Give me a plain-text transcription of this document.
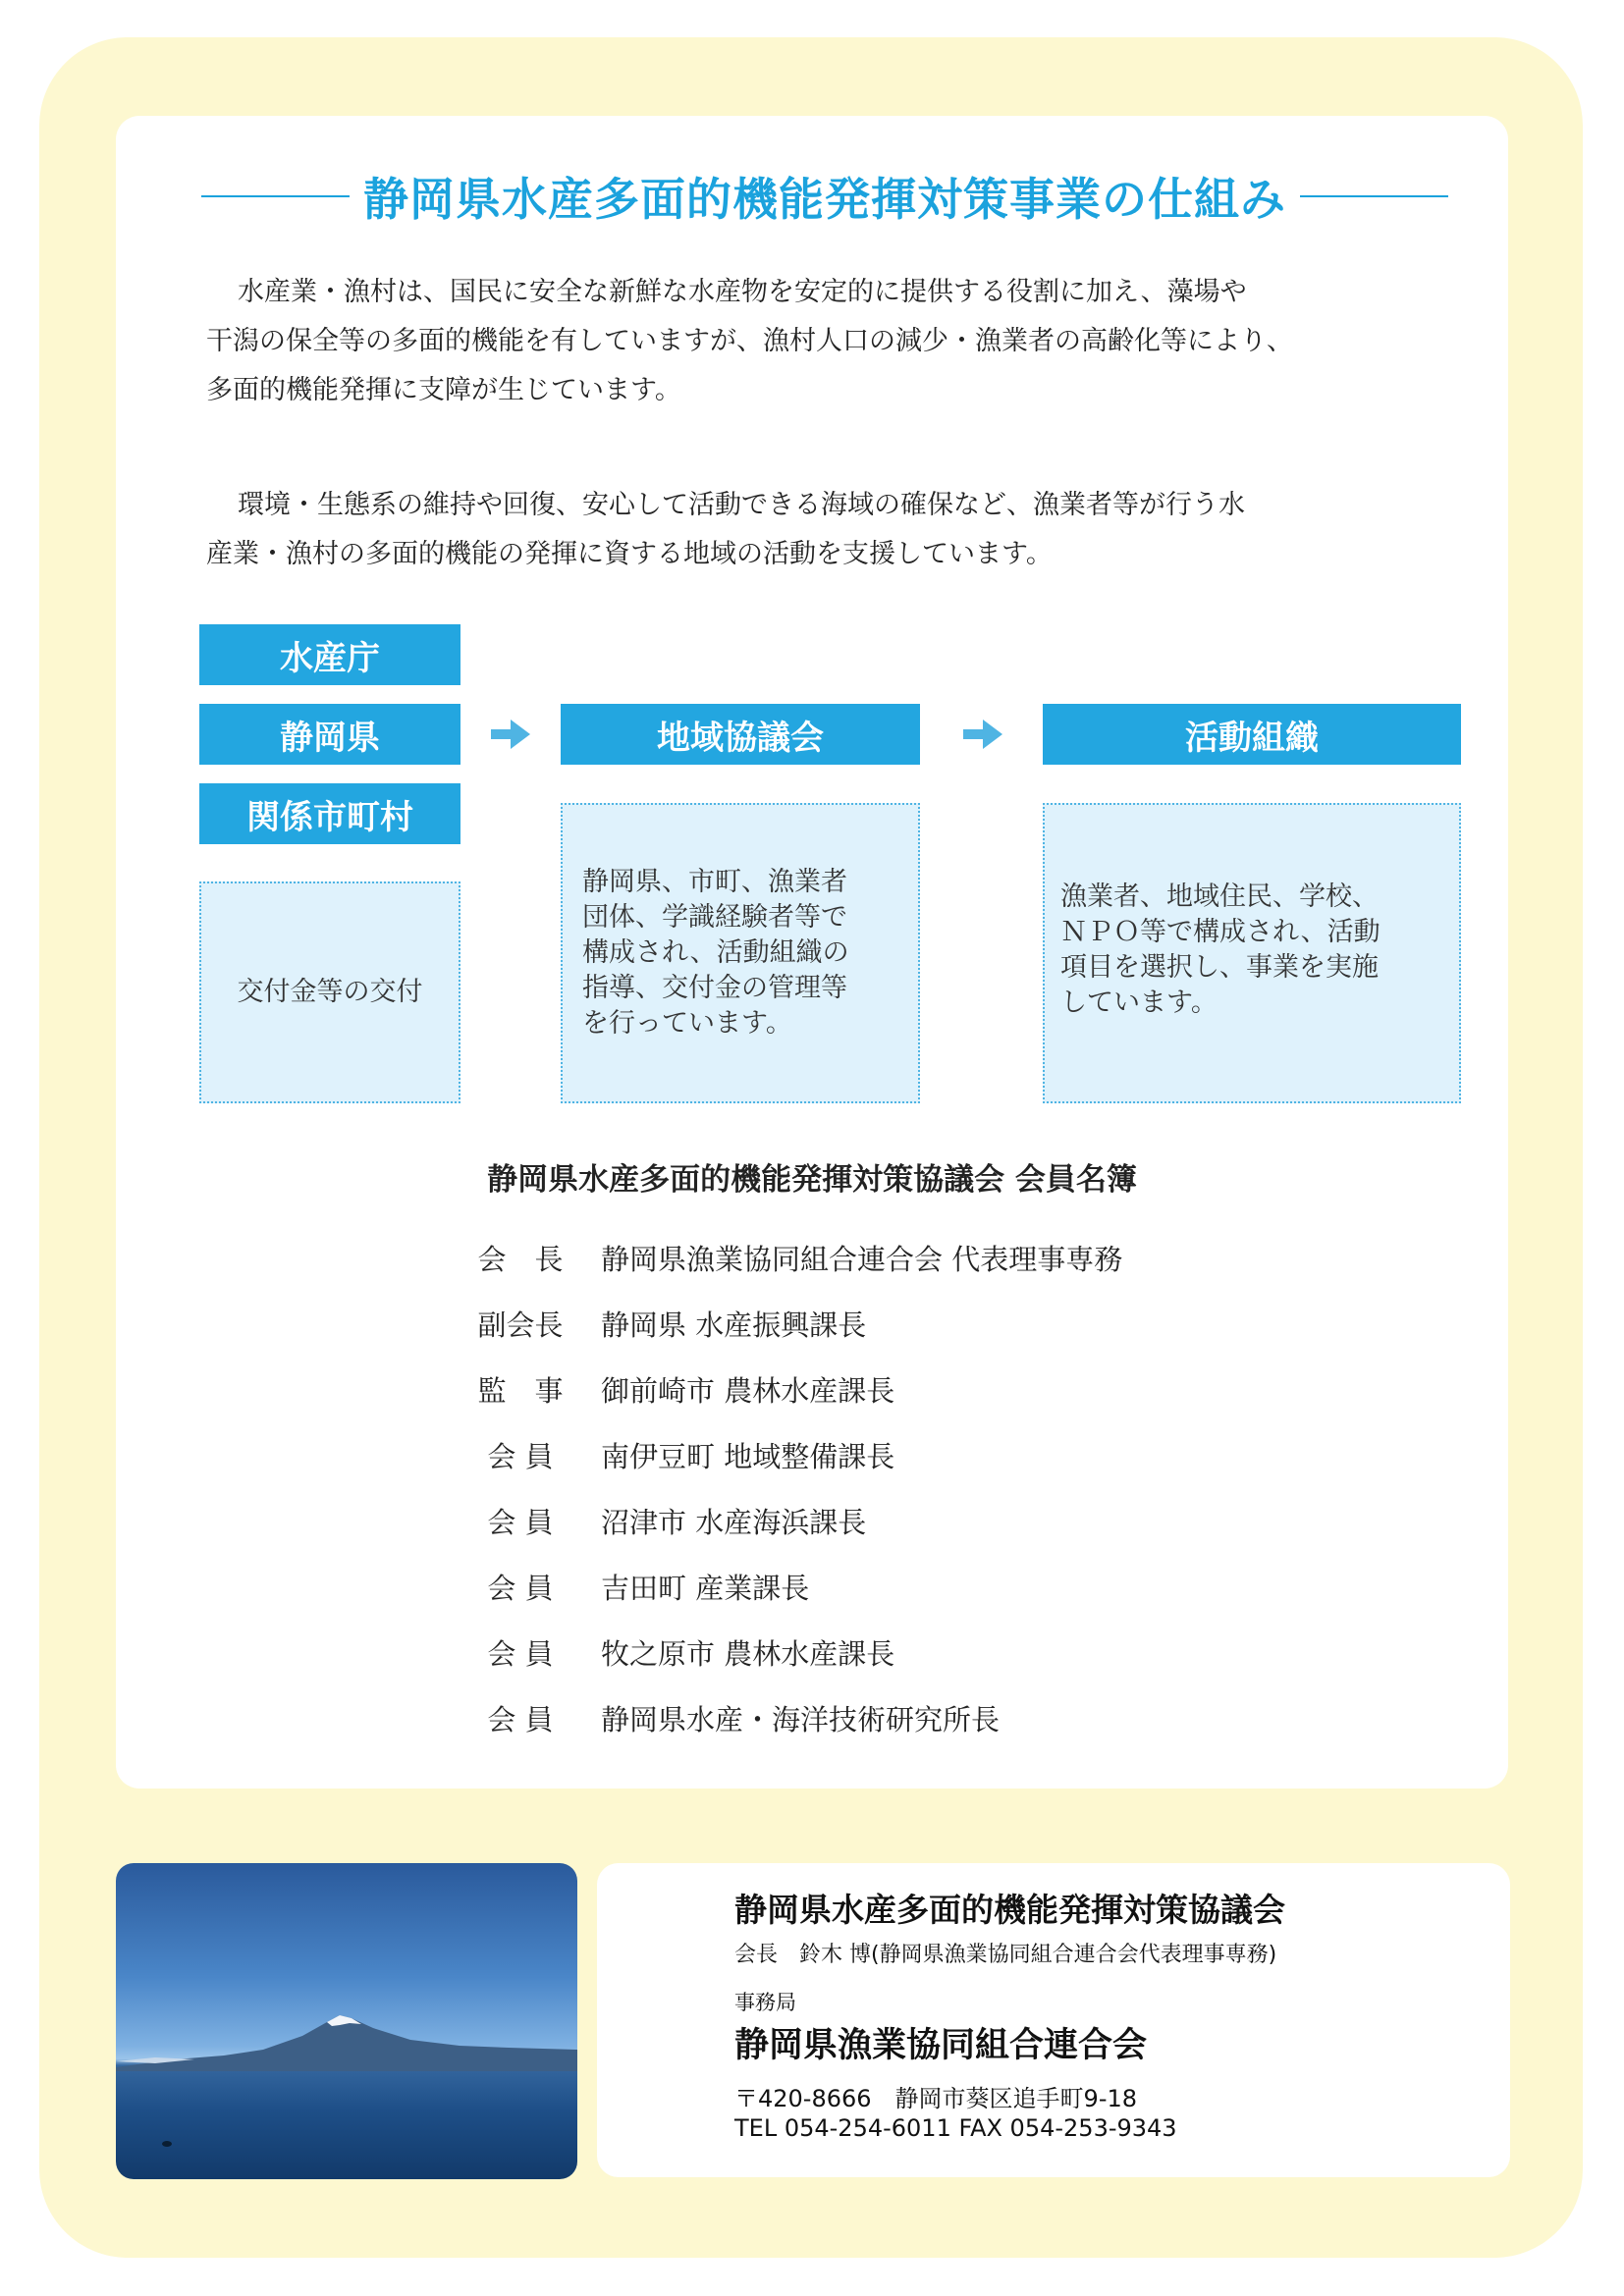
静岡県水産多面的機能発揮対策事業の仕組み

水産業・漁村は、国民に安全な新鮮な水産物を安定的に提供する役割に加え、藻場や

干潟の保全等の多面的機能を有していますが、漁村人口の減少・漁業者の高齢化等により、

多面的機能発揮に支障が生じています。

環境・生態系の維持や回復、安心して活動できる海域の確保など、漁業者等が行う水

産業・漁村の多面的機能の発揮に資する地域の活動を支援しています。

水産庁
静岡県
関係市町村
交付金等の交付
地域協議会
静岡県、市町、漁業者
団体、学識経験者等で
構成され、活動組織の
指導、交付金の管理等
を行っています。
活動組織
漁業者、地域住民、学校、
ＮＰＯ等で構成され、活動
項目を選択し、事業を実施
しています。
静岡県水産多面的機能発揮対策協議会 会員名簿
会　長	静岡県漁業協同組合連合会 代表理事専務
副会長	静岡県 水産振興課長
監　事	御前崎市 農林水産課長
会 員	南伊豆町 地域整備課長
会 員	沼津市 水産海浜課長
会 員	吉田町 産業課長
会 員	牧之原市 農林水産課長
会 員	静岡県水産・海洋技術研究所長
静岡県水産多面的機能発揮対策協議会
会長　鈴木 博(静岡県漁業協同組合連合会代表理事専務)
事務局
静岡県漁業協同組合連合会
〒420-8666　静岡市葵区追手町9-18
TEL 054-254-6011 FAX 054-253-9343
